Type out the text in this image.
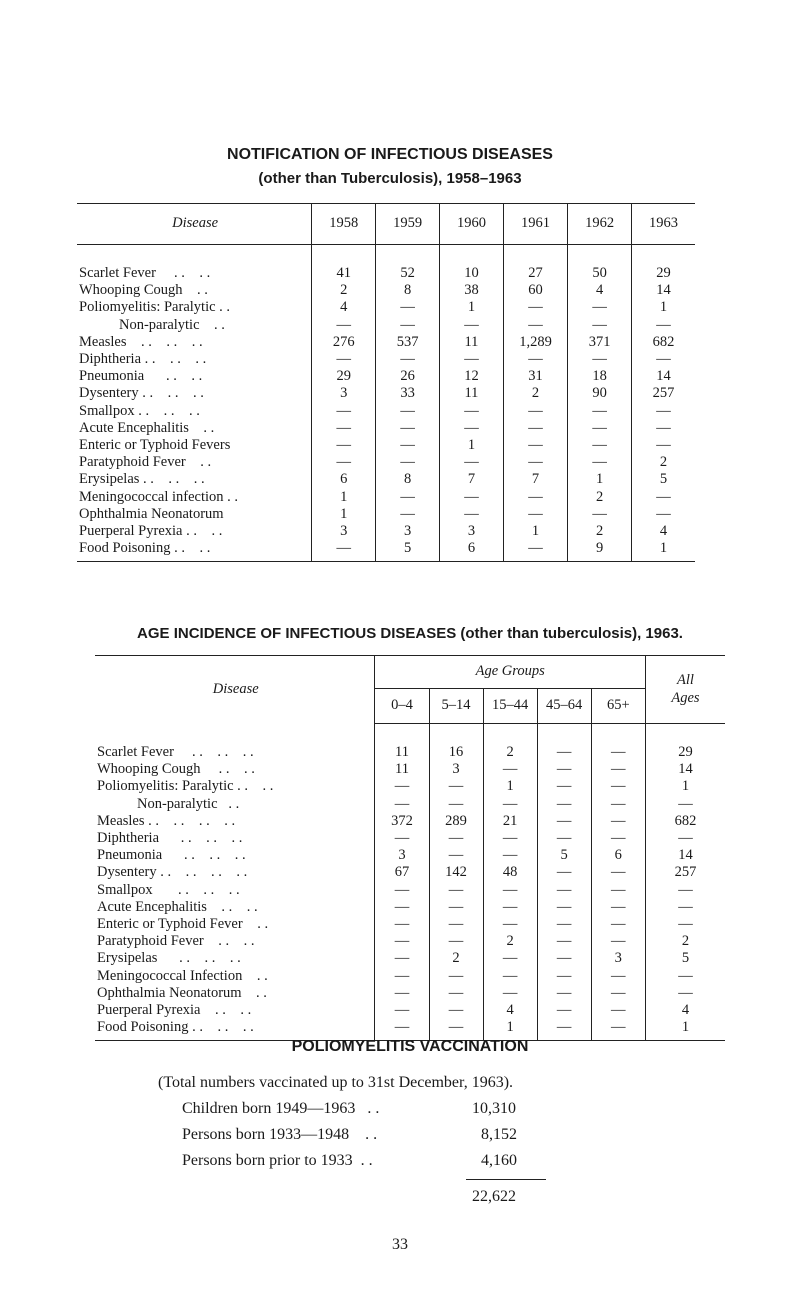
NOTIFICATION OF INFECTIOUS DISEASES
(other than Tuberculosis), 1958–1963
Disease	1958	1959	1960	1961	1962	1963

Scarlet Fever     . .    . .	41	52	10	27	50	29
Whooping Cough    . .	2	8	38	60	4	14
Poliomyelitis: Paralytic . .	4	—	1	—	—	1
Non-paralytic    . .	—	—	—	—	—	—
Measles    . .    . .    . .	276	537	11	1,289	371	682
Diphtheria . .    . .    . .	—	—	—	—	—	—
Pneumonia      . .    . .	29	26	12	31	18	14
Dysentery . .    . .    . .	3	33	11	2	90	257
Smallpox . .    . .    . .	—	—	—	—	—	—
Acute Encephalitis    . .	—	—	—	—	—	—
Enteric or Typhoid Fevers	—	—	1	—	—	—
Paratyphoid Fever    . .	—	—	—	—	—	2
Erysipelas . .    . .    . .	6	8	7	7	1	5
Meningococcal infection . .	1	—	—	—	2	—
Ophthalmia Neonatorum	1	—	—	—	—	—
Puerperal Pyrexia . .    . .	3	3	3	1	2	4
Food Poisoning . .    . .	—	5	6	—	9	1
AGE INCIDENCE OF INFECTIOUS DISEASES (other than tuberculosis), 1963.
Disease	Age Groups					All Ages
	0–4	5–14	15–44	45–64	65+	

Scarlet Fever     . .    . .    . .	11	16	2	—	—	29
Whooping Cough     . .    . .	11	3	—	—	—	14
Poliomyelitis: Paralytic . .    . .	—	—	1	—	—	1
Non-paralytic   . .	—	—	—	—	—	—
Measles . .    . .    . .    . .	372	289	21	—	—	682
Diphtheria      . .    . .    . .	—	—	—	—	—	—
Pneumonia      . .    . .    . .	3	—	—	5	6	14
Dysentery . .    . .    . .    . .	67	142	48	—	—	257
Smallpox       . .    . .    . .	—	—	—	—	—	—
Acute Encephalitis    . .    . .	—	—	—	—	—	—
Enteric or Typhoid Fever    . .	—	—	—	—	—	—
Paratyphoid Fever    . .    . .	—	—	2	—	—	2
Erysipelas      . .    . .    . .	—	2	—	—	3	5
Meningococcal Infection    . .	—	—	—	—	—	—
Ophthalmia Neonatorum    . .	—	—	—	—	—	—
Puerperal Pyrexia    . .    . .	—	—	4	—	—	4
Food Poisoning . .    . .    . .	—	—	1	—	—	1
POLIOMYELITIS VACCINATION
(Total numbers vaccinated up to 31st December, 1963).
Children born 1949—1963   . .	10,310
Persons born 1933—1948    . .	8,152
Persons born prior to 1933  . .	4,160
22,622
33
